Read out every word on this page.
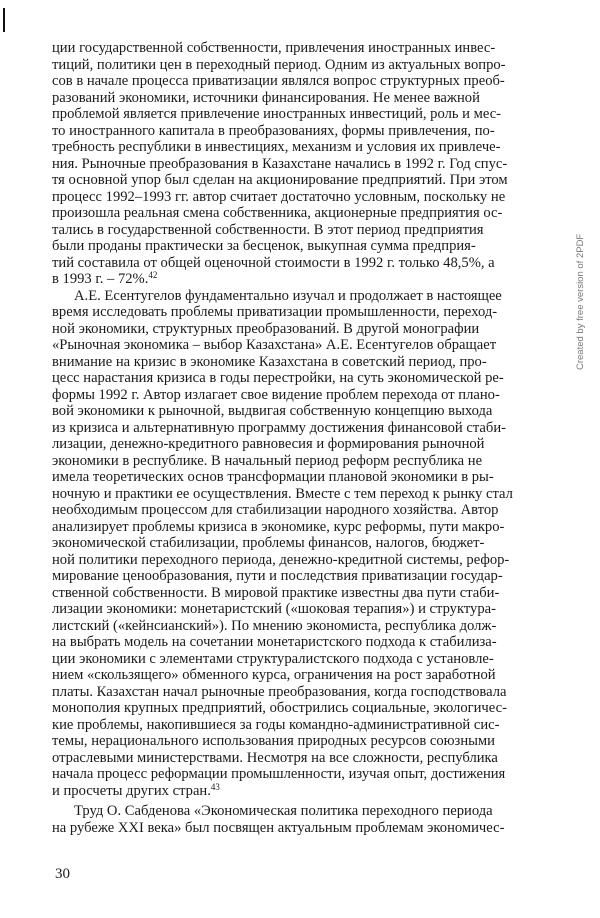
ции государственной собственности, привлечения иностранных инвес-
тиций, политики цен в переходный период. Одним из актуальных вопро-
сов в начале процесса приватизации являлся вопрос структурных преоб-
разований экономики, источники финансирования. Не менее важной
проблемой является привлечение иностранных инвестиций, роль и мес-
то иностранного капитала в преобразованиях, формы привлечения, по-
требность республики в инвестициях, механизм и условия их привлече-
ния. Рыночные преобразования в Казахстане начались в 1992 г. Год спус-
тя основной упор был сделан на акционирование предприятий. При этом
процесс 1992–1993 гг. автор считает достаточно условным, поскольку не
произошла реальная смена собственника, акционерные предприятия ос-
тались в государственной собственности. В этот период предприятия
были проданы практически за бесценок, выкупная сумма предприя-
тий составила от общей оценочной стоимости в 1992 г. только 48,5%, а
в 1993 г. – 72%.$^{42}$
А.Е. Есентугелов фундаментально изучал и продолжает в настоящее
время исследовать проблемы приватизации промышленности, переход-
ной экономики, структурных преобразований. В другой монографии
«Рыночная экономика – выбор Казахстана» А.Е. Есентугелов обращает
внимание на кризис в экономике Казахстана в советский период, про-
цесс нарастания кризиса в годы перестройки, на суть экономической ре-
формы 1992 г. Автор излагает свое видение проблем перехода от плано-
вой экономики к рыночной, выдвигая собственную концепцию выхода
из кризиса и альтернативную программу достижения финансовой стаби-
лизации, денежно-кредитного равновесия и формирования рыночной
экономики в республике. В начальный период реформ республика не
имела теоретических основ трансформации плановой экономики в ры-
ночную и практики ее осуществления. Вместе с тем переход к рынку стал
необходимым процессом для стабилизации народного хозяйства. Автор
анализирует проблемы кризиса в экономике, курс реформы, пути макро-
экономической стабилизации, проблемы финансов, налогов, бюджет-
ной политики переходного периода, денежно-кредитной системы, рефор-
мирование ценообразования, пути и последствия приватизации государ-
ственной собственности. В мировой практике известны два пути стаби-
лизации экономики: монетаристский («шоковая терапия») и структура-
листский («кейнсианский»). По мнению экономиста, республика долж-
на выбрать модель на сочетании монетаристского подхода к стабилиза-
ции экономики с элементами структуралистского подхода с установле-
нием «скользящего» обменного курса, ограничения на рост заработной
платы. Казахстан начал рыночные преобразования, когда господствовала
монополия крупных предприятий, обострились социальные, экологичес-
кие проблемы, накопившиеся за годы командно-административной сис-
темы, нерационального использования природных ресурсов союзными
отраслевыми министерствами. Несмотря на все сложности, республика
начала процесс реформации промышленности, изучая опыт, достижения
и просчеты других стран.$^{43}$
Труд О. Сабденова «Экономическая политика переходного периода
на рубеже XXI века» был посвящен актуальным проблемам экономичес-
Created by free version of 2PDF
30
